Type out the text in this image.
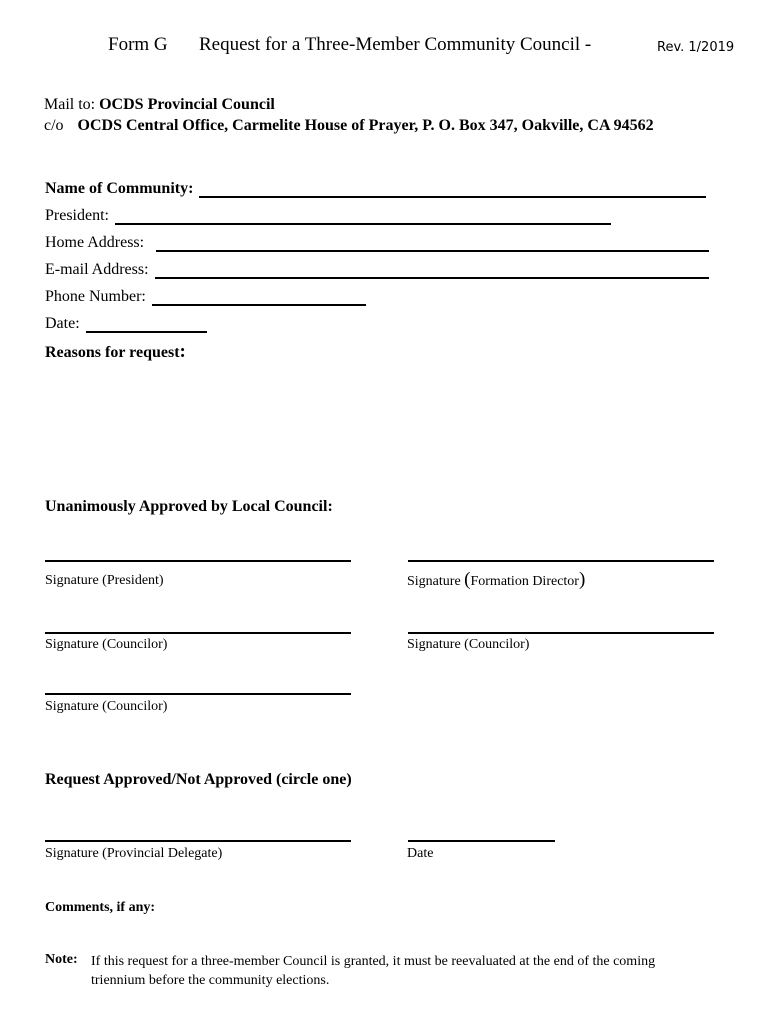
Form G Request for a Three-Member Community Council -	Rev. 1/2019
Mail to: OCDS Provincial Council
c/o OCDS Central Office, Carmelite House of Prayer, P. O. Box 347, Oakville, CA 94562
Name of Community:
President:
Home Address:
E-mail Address:
Phone Number:
Date:
Reasons for request:
Unanimously Approved by Local Council:
Signature (President)	Signature (Formation Director)
Signature (Councilor)	Signature (Councilor)
Signature (Councilor)
Request Approved/Not Approved (circle one)
Signature (Provincial Delegate)	Date
Comments, if any:
Note: If this request for a three-member Council is granted, it must be reevaluated at the end of the coming triennium before the community elections.
